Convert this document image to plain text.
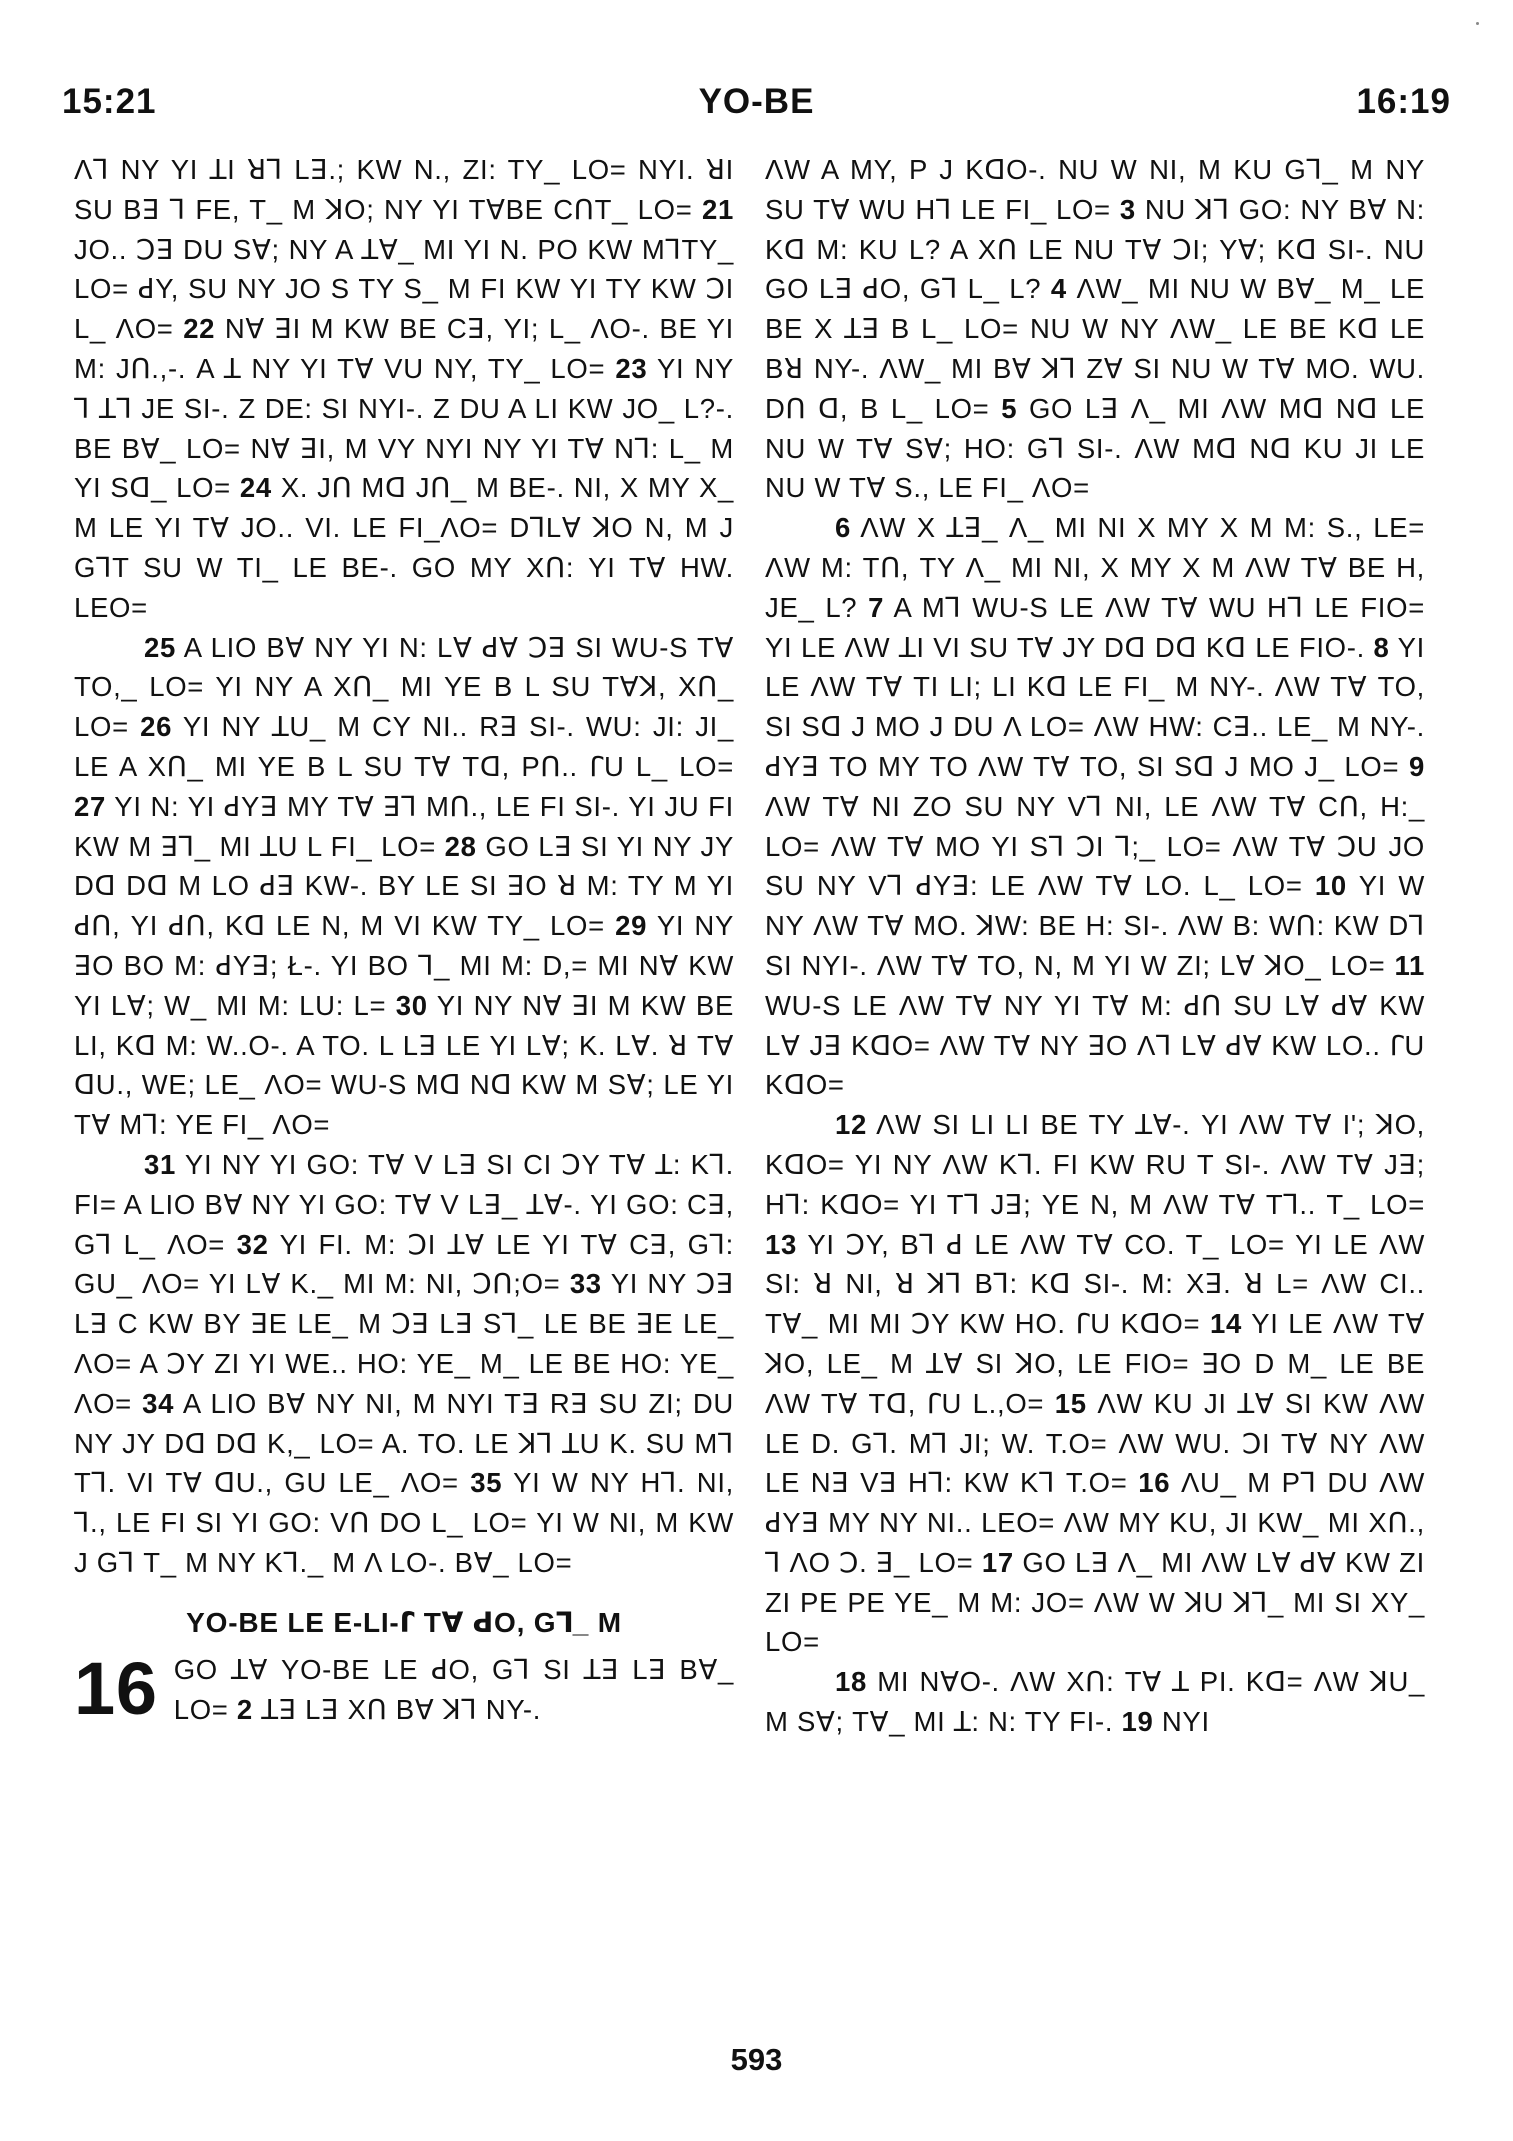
15:21	YO-BE	16:19

Λꓶ NY YI ꓕI ꓤꓶ Lꓱ.; KW N., ZI: TY_ LO= NYI. ꓤI SU Bꓱ ꓶ FE, T_ M ꓘO; NY YI TꓯBE CꓵT_ LO= 21 JO.. Ↄꓱ DU Sꓯ; NY A ꓕꓯ_ MI YI N. PO KW MꓶTY_ LO= ꓒY, SU NY JO S TY S_ M FI KW YI TY KW ↃI L_ ΛO= 22 Nꓯ ꓱI M KW BE Cꓱ, YI; L_ ΛO-. BE YI M: Jꓵ.,-. A ꓕ NY YI Tꓯ VU NY, TY_ LO= 23 YI NY ꓶ ꓕꓶ JE SI-. Z DE: SI NYI-. Z DU A LI KW JO_ L?-. BE Bꓯ_ LO= Nꓯ ꓱI, M VY NYI NY YI Tꓯ Nꓶ: L_ M YI Sꓷ_ LO= 24 X. Jꓵ Mꓷ Jꓵ_ M BE-. NI, X MY X_ M LE YI Tꓯ JO.. VI. LE FI_ΛO= DꓶLꓯ ꓘO N, M J GꓶT SU W TI_ LE BE-. GO MY Xꓵ: YI Tꓯ HW. LEO=

25 A LIO Bꓯ NY YI N: Lꓯ ꓒꓯ Ↄꓱ SI WU-S Tꓯ TO,_ LO= YI NY A Xꓵ_ MI YE B L SU Tꓯꓘ, Xꓵ_ LO= 26 YI NY ꓕU_ M CY NI.. Rꓱ SI-. WU: JI: JI_ LE A Xꓵ_ MI YE B L SU Tꓯ Tꓷ, Pꓵ.. ꓩU L_ LO= 27 YI N: YI ꓒYꓱ MY Tꓯ ꓱꓶ Mꓵ., LE FI SI-. YI JU FI KW M ꓱꓶ_ MI ꓕU L FI_ LO= 28 GO Lꓱ SI YI NY JY Dꓷ Dꓷ M LO ꓒꓱ KW-. BY LE SI ꓱO ꓤ M: TY M YI ꓒꓵ, YI ꓒꓵ, Kꓷ LE N, M VI KW TY_ LO= 29 YI NY ꓱO BO M: ꓒYꓱ; Ł-. YI BO ꓶ_ MI M: D,= MI Nꓯ KW YI Lꓯ; W_ MI M: LU: L= 30 YI NY Nꓯ ꓱI M KW BE LI, Kꓷ M: W..O-. A TO. L Lꓱ LE YI Lꓯ; K. Lꓯ. ꓤ Tꓯ ꓷU., WE; LE_ ΛO= WU-S Mꓷ Nꓷ KW M Sꓯ; LE YI Tꓯ Mꓶ: YE FI_ ΛO=

31 YI NY YI GO: Tꓯ V Lꓱ SI CI ↃY Tꓯ ꓕ: Kꓶ. FI= A LIO Bꓯ NY YI GO: Tꓯ V Lꓱ_ ꓕꓯ-. YI GO: Cꓱ, Gꓶ L_ ΛO= 32 YI FI. M: ↃI ꓕꓯ LE YI Tꓯ Cꓱ, Gꓶ: GU_ ΛO= YI Lꓯ K._ MI M: NI, Ↄꓵ;O= 33 YI NY Ↄꓱ Lꓱ C KW BY ꓱE LE_ M Ↄꓱ Lꓱ Sꓶ_ LE BE ꓱE LE_ ΛO= A ↃY ZI YI WE.. HO: YE_ M_ LE BE HO: YE_ ΛO= 34 A LIO Bꓯ NY NI, M NYI Tꓱ Rꓱ SU ZI; DU NY JY Dꓷ Dꓷ K,_ LO= A. TO. LE ꓘꓶ ꓕU K. SU Mꓶ Tꓶ. VI Tꓯ ꓷU., GU LE_ ΛO= 35 YI W NY Hꓶ. NI, ꓶ., LE FI SI YI GO: Vꓵ DO L_ LO= YI W NI, M KW J Gꓶ T_ M NY Kꓶ._ M Λ LO-. Bꓯ_ LO=

YO-BE LE E-LI-ꓩ Tꓯ ꓒO, Gꓶ_ M
16 GO ꓕꓯ YO-BE LE ꓒO, Gꓶ SI ꓕꓱ Lꓱ Bꓯ_ LO= 2 ꓕꓱ Lꓱ Xꓵ Bꓯ ꓘꓶ NY-.

ΛW A MY, P J KꓷO-. NU W NI, M KU Gꓶ_ M NY SU Tꓯ WU Hꓶ LE FI_ LO= 3 NU ꓘꓶ GO: NY Bꓯ N: Kꓷ M: KU L? A Xꓵ LE NU Tꓯ ↃI; Yꓯ; Kꓷ SI-. NU GO Lꓱ ꓒO, Gꓶ L_ L? 4 ΛW_ MI NU W Bꓯ_ M_ LE BE X ꓕꓱ B L_ LO= NU W NY ΛW_ LE BE Kꓷ LE Bꓤ NY-. ΛW_ MI Bꓯ ꓘꓶ Zꓯ SI NU W Tꓯ MO. WU. Dꓵ ꓷ, B L_ LO= 5 GO Lꓱ Λ_ MI ΛW Mꓷ Nꓷ LE NU W Tꓯ Sꓯ; HO: Gꓶ SI-. ΛW Mꓷ Nꓷ KU JI LE NU W Tꓯ S., LE FI_ ΛO=

6 ΛW X ꓕꓱ_ Λ_ MI NI X MY X M M: S., LE= ΛW M: Tꓵ, TY Λ_ MI NI, X MY X M ΛW Tꓯ BE H, JE_ L? 7 A Mꓶ WU-S LE ΛW Tꓯ WU Hꓶ LE FIO= YI LE ΛW ꓕI VI SU Tꓯ JY Dꓷ Dꓷ Kꓷ LE FIO-. 8 YI LE ΛW Tꓯ TI LI; LI Kꓷ LE FI_ M NY-. ΛW Tꓯ TO, SI Sꓷ J MO J DU Λ LO= ΛW HW: Cꓱ.. LE_ M NY-. ꓒYꓱ TO MY TO ΛW Tꓯ TO, SI Sꓷ J MO J_ LO= 9 ΛW Tꓯ NI ZO SU NY Vꓶ NI, LE ΛW Tꓯ Cꓵ, H:_ LO= ΛW Tꓯ MO YI Sꓶ ↃI ꓶ;_ LO= ΛW Tꓯ ↃU JO SU NY Vꓶ ꓒYꓱ: LE ΛW Tꓯ LO. L_ LO= 10 YI W NY ΛW Tꓯ MO. ꓘW: BE H: SI-. ΛW B: Wꓵ: KW Dꓶ SI NYI-. ΛW Tꓯ TO, N, M YI W ZI; Lꓯ ꓘO_ LO= 11 WU-S LE ΛW Tꓯ NY YI Tꓯ M: ꓒꓵ SU Lꓯ ꓒꓯ KW Lꓯ Jꓱ KꓷO= ΛW Tꓯ NY ꓱO Λꓶ Lꓯ ꓒꓯ KW LO.. ꓩU KꓷO=

12 ΛW SI LI LI BE TY ꓕꓯ-. YI ΛW Tꓯ I'; ꓘO, KꓷO= YI NY ΛW Kꓶ. FI KW RU T SI-. ΛW Tꓯ Jꓱ; Hꓶ: KꓷO= YI Tꓶ Jꓱ; YE N, M ΛW Tꓯ Tꓶ.. T_ LO= 13 YI ↃY, Bꓶ ꓒ LE ΛW Tꓯ CO. T_ LO= YI LE ΛW SI: ꓤ NI, ꓤ ꓘꓶ Bꓶ: Kꓷ SI-. M: Xꓱ. ꓤ L= ΛW CI.. Tꓯ_ MI MI ↃY KW HO. ꓩU KꓷO= 14 YI LE ΛW Tꓯ ꓘO, LE_ M ꓕꓯ SI ꓘO, LE FIO= ꓱO D M_ LE BE ΛW Tꓯ Tꓷ, ꓩU L.,O= 15 ΛW KU JI ꓕꓯ SI KW ΛW LE D. Gꓶ. Mꓶ JI; W. T.O= ΛW WU. ↃI Tꓯ NY ΛW LE Nꓱ Vꓱ Hꓶ: KW Kꓶ T.O= 16 ΛU_ M Pꓶ DU ΛW ꓒYꓱ MY NY NI.. LEO= ΛW MY KU, JI KW_ MI Xꓵ., ꓶ ΛO Ↄ. ꓱ_ LO= 17 GO Lꓱ Λ_ MI ΛW Lꓯ ꓒꓯ KW ZI ZI PE PE YE_ M M: JO= ΛW W ꓘU ꓘꓶ_ MI SI XY_ LO=

18 MI NꓯO-. ΛW Xꓵ: Tꓯ ꓕ PI. Kꓷ= ΛW ꓘU_ M Sꓯ; Tꓯ_ MI ꓕ: N: TY FI-. 19 NYI

593
